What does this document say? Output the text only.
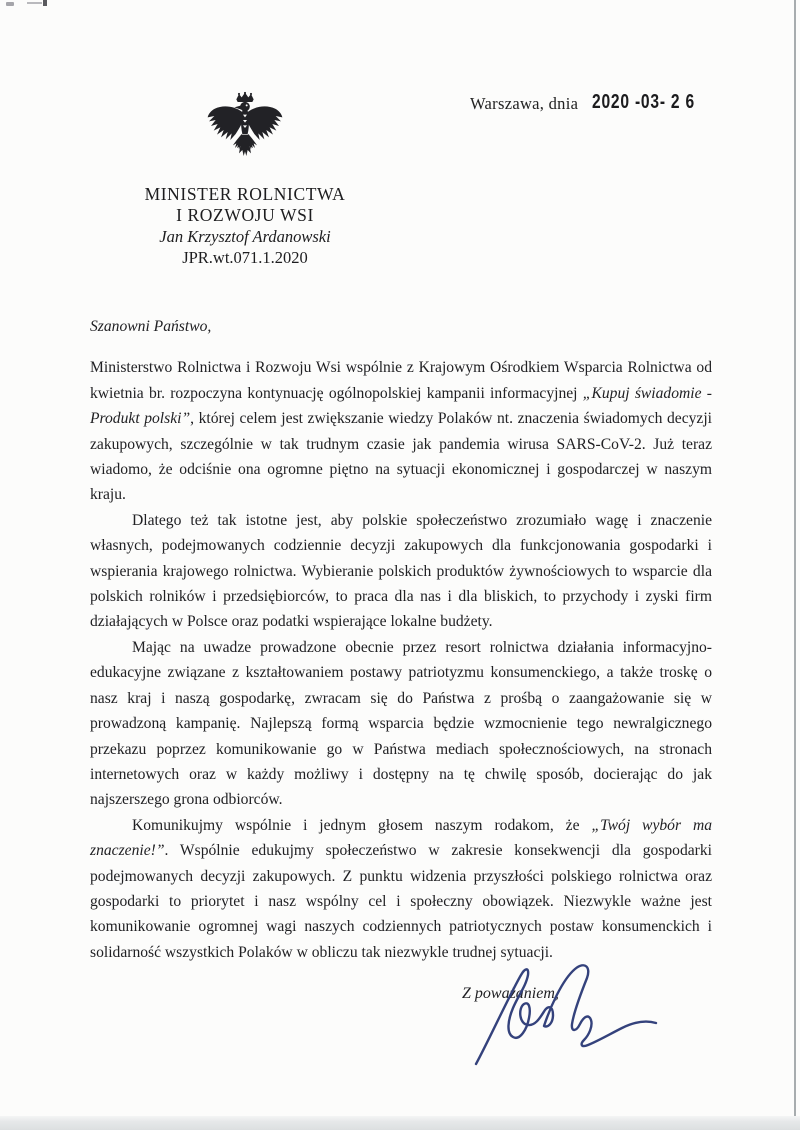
Warszawa, dnia 2020 -03- 2 6
MINISTER ROLNICTWA
I ROZWOJU WSI
Jan Krzysztof Ardanowski
JPR.wt.071.1.2020

Szanowni Państwo,

Ministerstwo Rolnictwa i Rozwoju Wsi wspólnie z Krajowym Ośrodkiem Wsparcia Rolnictwa od kwietnia br. rozpoczyna kontynuację ogólnopolskiej kampanii informacyjnej „Kupuj świadomie - Produkt polski”, której celem jest zwiększanie wiedzy Polaków nt. znaczenia świadomych decyzji zakupowych, szczególnie w tak trudnym czasie jak pandemia wirusa SARS-CoV-2. Już teraz wiadomo, że odciśnie ona ogromne piętno na sytuacji ekonomicznej i gospodarczej w naszym kraju.

Dlatego też tak istotne jest, aby polskie społeczeństwo zrozumiało wagę i znaczenie własnych, podejmowanych codziennie decyzji zakupowych dla funkcjonowania gospodarki i wspierania krajowego rolnictwa. Wybieranie polskich produktów żywnościowych to wsparcie dla polskich rolników i przedsiębiorców, to praca dla nas i dla bliskich, to przychody i zyski firm działających w Polsce oraz podatki wspierające lokalne budżety.

Mając na uwadze prowadzone obecnie przez resort rolnictwa działania informacyjno-edukacyjne związane z kształtowaniem postawy patriotyzmu konsumenckiego, a także troskę o nasz kraj i naszą gospodarkę, zwracam się do Państwa z prośbą o zaangażowanie się w prowadzoną kampanię. Najlepszą formą wsparcia będzie wzmocnienie tego newralgicznego przekazu poprzez komunikowanie go w Państwa mediach społecznościowych, na stronach internetowych oraz w każdy możliwy i dostępny na tę chwilę sposób, docierając do jak najszerszego grona odbiorców.

Komunikujmy wspólnie i jednym głosem naszym rodakom, że „Twój wybór ma znaczenie!”. Wspólnie edukujmy społeczeństwo w zakresie konsekwencji dla gospodarki podejmowanych decyzji zakupowych. Z punktu widzenia przyszłości polskiego rolnictwa oraz gospodarki to priorytet i nasz wspólny cel i społeczny obowiązek. Niezwykle ważne jest komunikowanie ogromnej wagi naszych codziennych patriotycznych postaw konsumenckich i solidarność wszystkich Polaków w obliczu tak niezwykle trudnej sytuacji.

Z poważaniem,
